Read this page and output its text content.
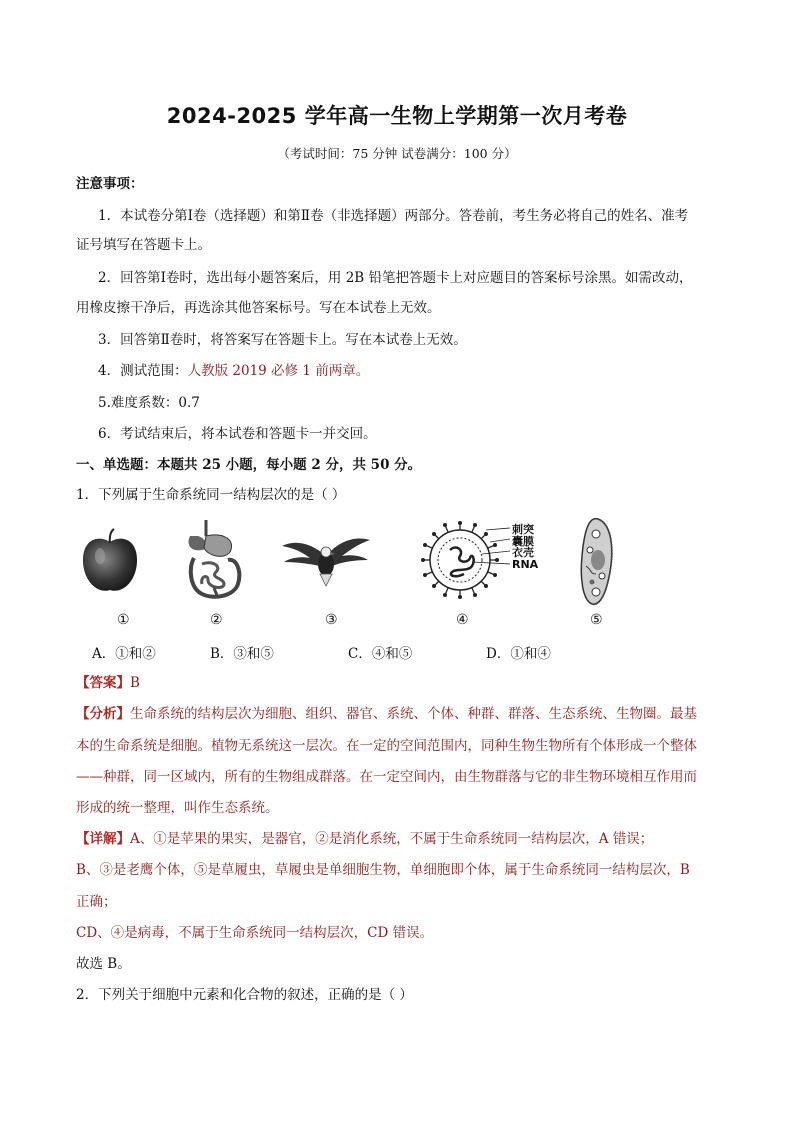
2024-2025 学年高一生物上学期第一次月考卷
（考试时间：75 分钟 试卷满分：100 分）
注意事项：
1．本试卷分第Ⅰ卷（选择题）和第Ⅱ卷（非选择题）两部分。答卷前，考生务必将自己的姓名、准考
证号填写在答题卡上。
2．回答第Ⅰ卷时，选出每小题答案后，用 2B 铅笔把答题卡上对应题目的答案标号涂黑。如需改动，
用橡皮擦干净后，再选涂其他答案标号。写在本试卷上无效。
3．回答第Ⅱ卷时，将答案写在答题卡上。写在本试卷上无效。
4．测试范围：人教版 2019 必修 1 前两章。
5.难度系数：0.7
6．考试结束后，将本试卷和答题卡一并交回。
一、单选题：本题共 25 小题，每小题 2 分，共 50 分。
1．下列属于生命系统同一结构层次的是（ ）
刺突
囊膜
衣壳
RNA
①	②	③	④	⑤
A．①和②	B．③和⑤	C．④和⑤	D．①和④
【答案】B
【分析】生命系统的结构层次为细胞、组织、器官、系统、个体、种群、群落、生态系统、生物圈。最基
本的生命系统是细胞。植物无系统这一层次。在一定的空间范围内，同种生物生物所有个体形成一个整体
——种群，同一区域内，所有的生物组成群落。在一定空间内，由生物群落与它的非生物环境相互作用而
形成的统一整理，叫作生态系统。
【详解】A、①是苹果的果实，是器官，②是消化系统，不属于生命系统同一结构层次，A 错误；
B、③是老鹰个体，⑤是草履虫，草履虫是单细胞生物，单细胞即个体，属于生命系统同一结构层次，B
正确；
CD、④是病毒，不属于生命系统同一结构层次，CD 错误。
故选 B。
2．下列关于细胞中元素和化合物的叙述，正确的是（ ）
